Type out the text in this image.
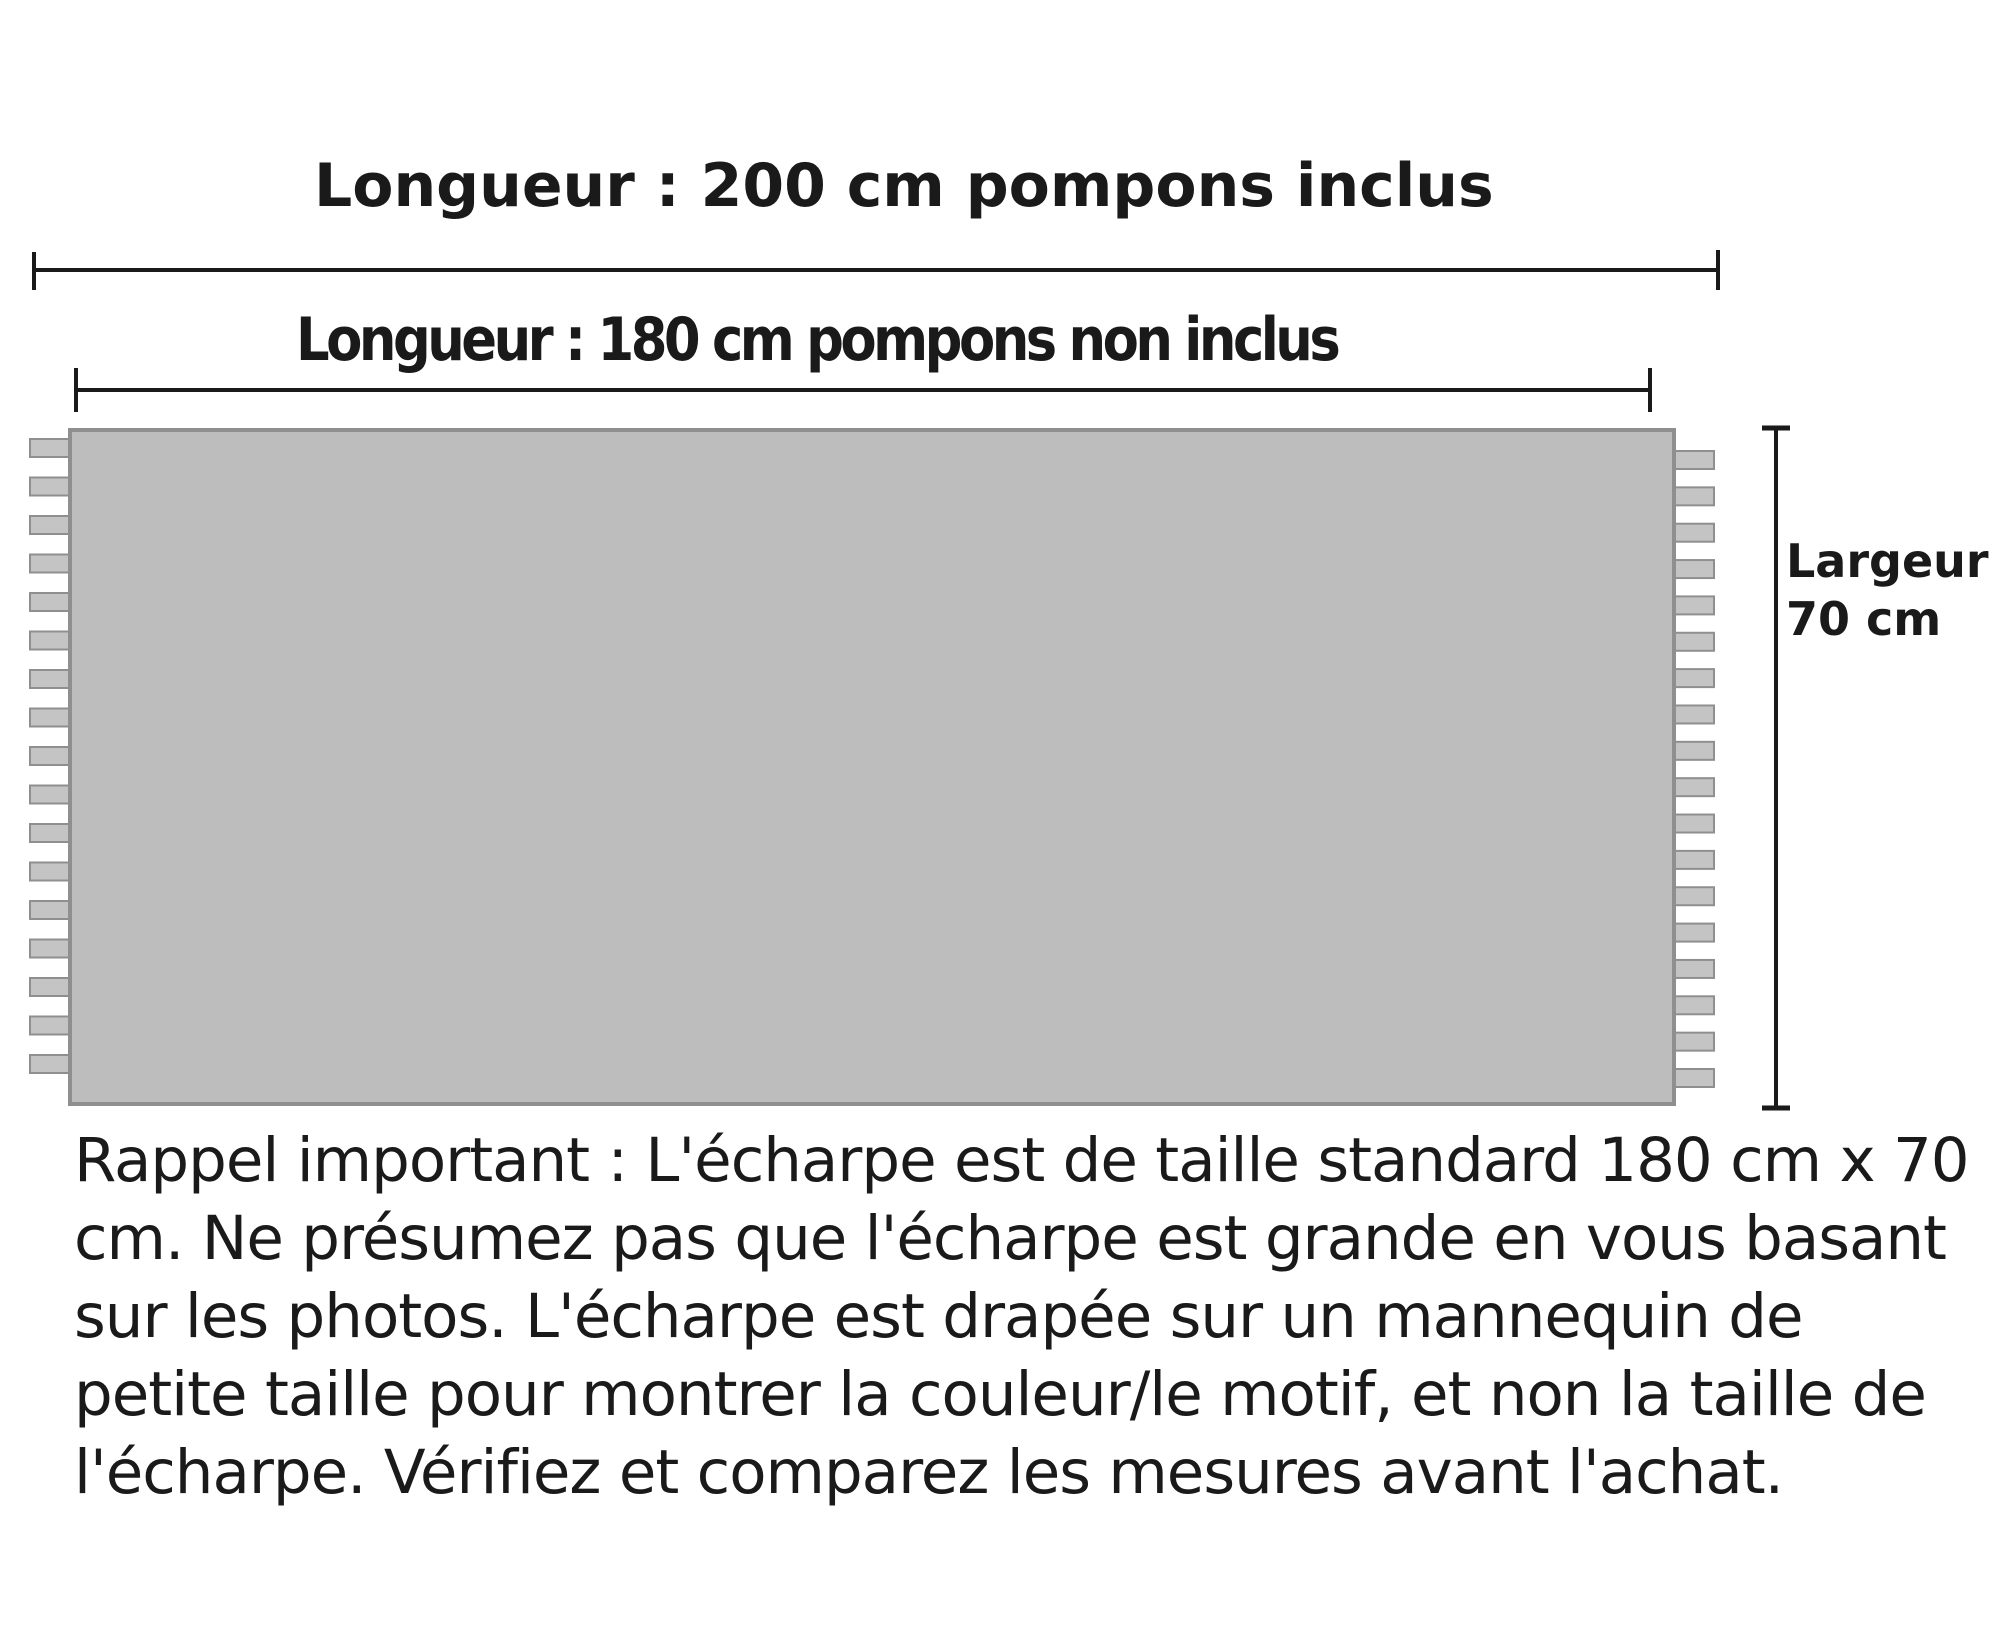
Longueur : 200 cm pompons inclus
Longueur : 180 cm pompons non inclus
Largeur
70 cm

Rappel important : L'écharpe est de taille standard 180 cm x 70 cm. Ne présumez pas que l'écharpe est grande en vous basant sur les photos. L'écharpe est drapée sur un mannequin de petite taille pour montrer la couleur/le motif, et non la taille de l'écharpe. Vérifiez et comparez les mesures avant l'achat.
